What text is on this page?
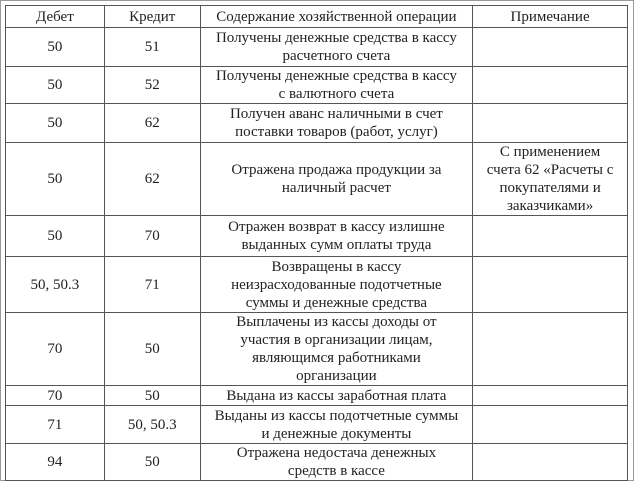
Дебет	Кредит	Содержание хозяйственной операции	Примечание
50	51	Получены денежные средства в кассу
расчетного счета	
50	52	Получены денежные средства в кассу
с валютного счета	
50	62	Получен аванс наличными в счет
поставки товаров (работ, услуг)	
50	62	Отражена продажа продукции за
наличный расчет	С применением
счета 62 «Расчеты с
покупателями и
заказчиками»
50	70	Отражен возврат в кассу излишне
выданных сумм оплаты труда	
50, 50.3	71	Возвращены в кассу
неизрасходованные подотчетные
суммы и денежные средства	
70	50	Выплачены из кассы доходы от
участия в организации лицам,
являющимся работниками
организации	
70	50	Выдана из кассы заработная плата	
71	50, 50.3	Выданы из кассы подотчетные суммы
и денежные документы	
94	50	Отражена недостача денежных
средств в кассе	
